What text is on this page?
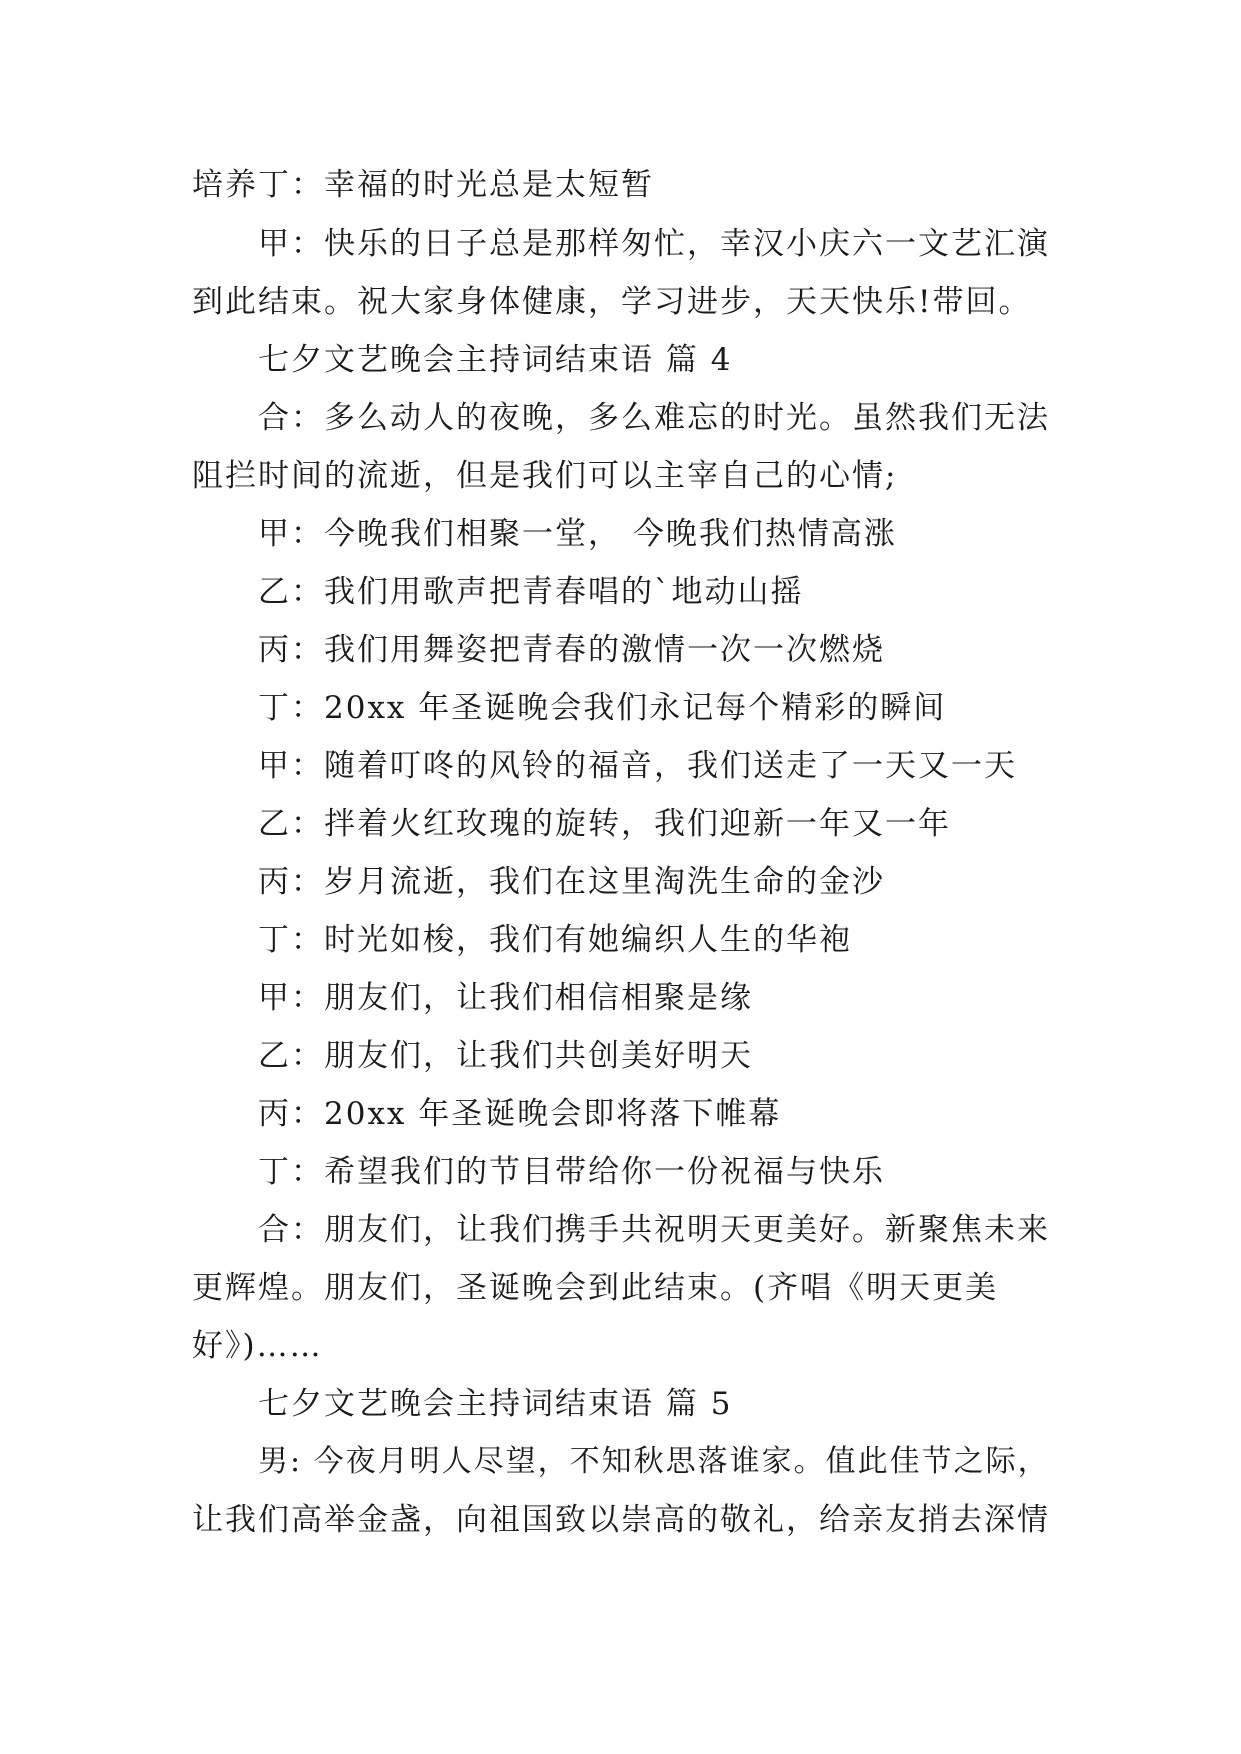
培养丁：幸福的时光总是太短暂
甲：快乐的日子总是那样匆忙，幸汉小庆六一文艺汇演
到此结束。祝大家身体健康，学习进步，天天快乐!带回。
七夕文艺晚会主持词结束语 篇 4
合：多么动人的夜晚，多么难忘的时光。虽然我们无法
阻拦时间的流逝，但是我们可以主宰自己的心情;
甲：今晚我们相聚一堂， 今晚我们热情高涨
乙：我们用歌声把青春唱的`地动山摇
丙：我们用舞姿把青春的激情一次一次燃烧
丁：20xx 年圣诞晚会我们永记每个精彩的瞬间
甲：随着叮咚的风铃的福音，我们送走了一天又一天
乙：拌着火红玫瑰的旋转，我们迎新一年又一年
丙：岁月流逝，我们在这里淘洗生命的金沙
丁：时光如梭，我们有她编织人生的华袍
甲：朋友们，让我们相信相聚是缘
乙：朋友们，让我们共创美好明天
丙：20xx 年圣诞晚会即将落下帷幕
丁：希望我们的节目带给你一份祝福与快乐
合：朋友们，让我们携手共祝明天更美好。新聚焦未来
更辉煌。朋友们，圣诞晚会到此结束。(齐唱《明天更美
好》)……
七夕文艺晚会主持词结束语 篇 5
男: 今夜月明人尽望，不知秋思落谁家。值此佳节之际，
让我们高举金盏，向祖国致以崇高的敬礼，给亲友捎去深情
